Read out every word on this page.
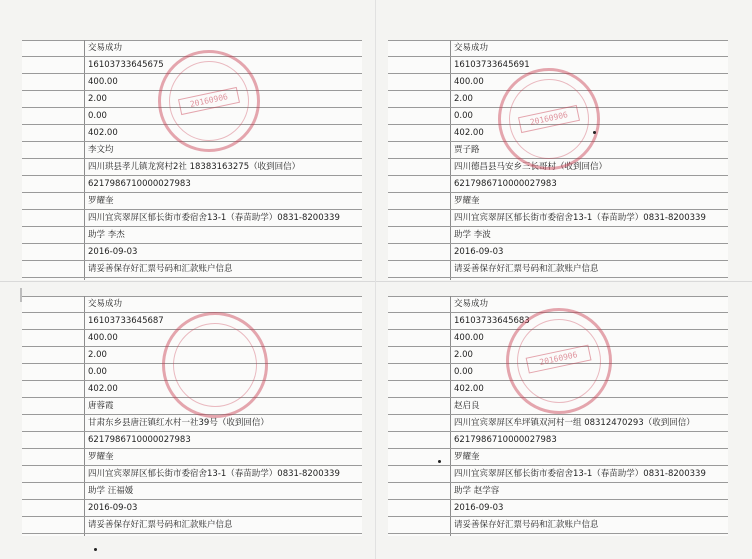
交易成功
16103733645675
400.00
2.00
0.00
402.00
李文均
四川珙县孝儿镇龙窝村2社 18383163275（收到回信）
6217986710000027983
罗耀奎
四川宜宾翠屏区郁长街市委宿舍13-1（春苗助学）0831-8200339
助学 李杰
2016-09-03
请妥善保存好汇票号码和汇款账户信息
20160906
交易成功
16103733645691
400.00
2.00
0.00
402.00
贾子路
四川德昌县马安乡三长哥村（收到回信）
6217986710000027983
罗耀奎
四川宜宾翠屏区郁长街市委宿舍13-1（春苗助学）0831-8200339
助学 李波
2016-09-03
请妥善保存好汇票号码和汇款账户信息
20160906
交易成功
16103733645687
400.00
2.00
0.00
402.00
唐蓉霞
甘肃东乡县唐汪镇红水村一社39号（收到回信）
6217986710000027983
罗耀奎
四川宜宾翠屏区郁长街市委宿舍13-1（春苗助学）0831-8200339
助学 汪福媛
2016-09-03
请妥善保存好汇票号码和汇款账户信息
交易成功
16103733645683
400.00
2.00
0.00
402.00
赵启良
四川宜宾翠屏区牟坪镇双河村一组 08312470293（收到回信）
6217986710000027983
罗耀奎
四川宜宾翠屏区郁长街市委宿舍13-1（春苗助学）0831-8200339
助学 赵学容
2016-09-03
请妥善保存好汇票号码和汇款账户信息
20160906
